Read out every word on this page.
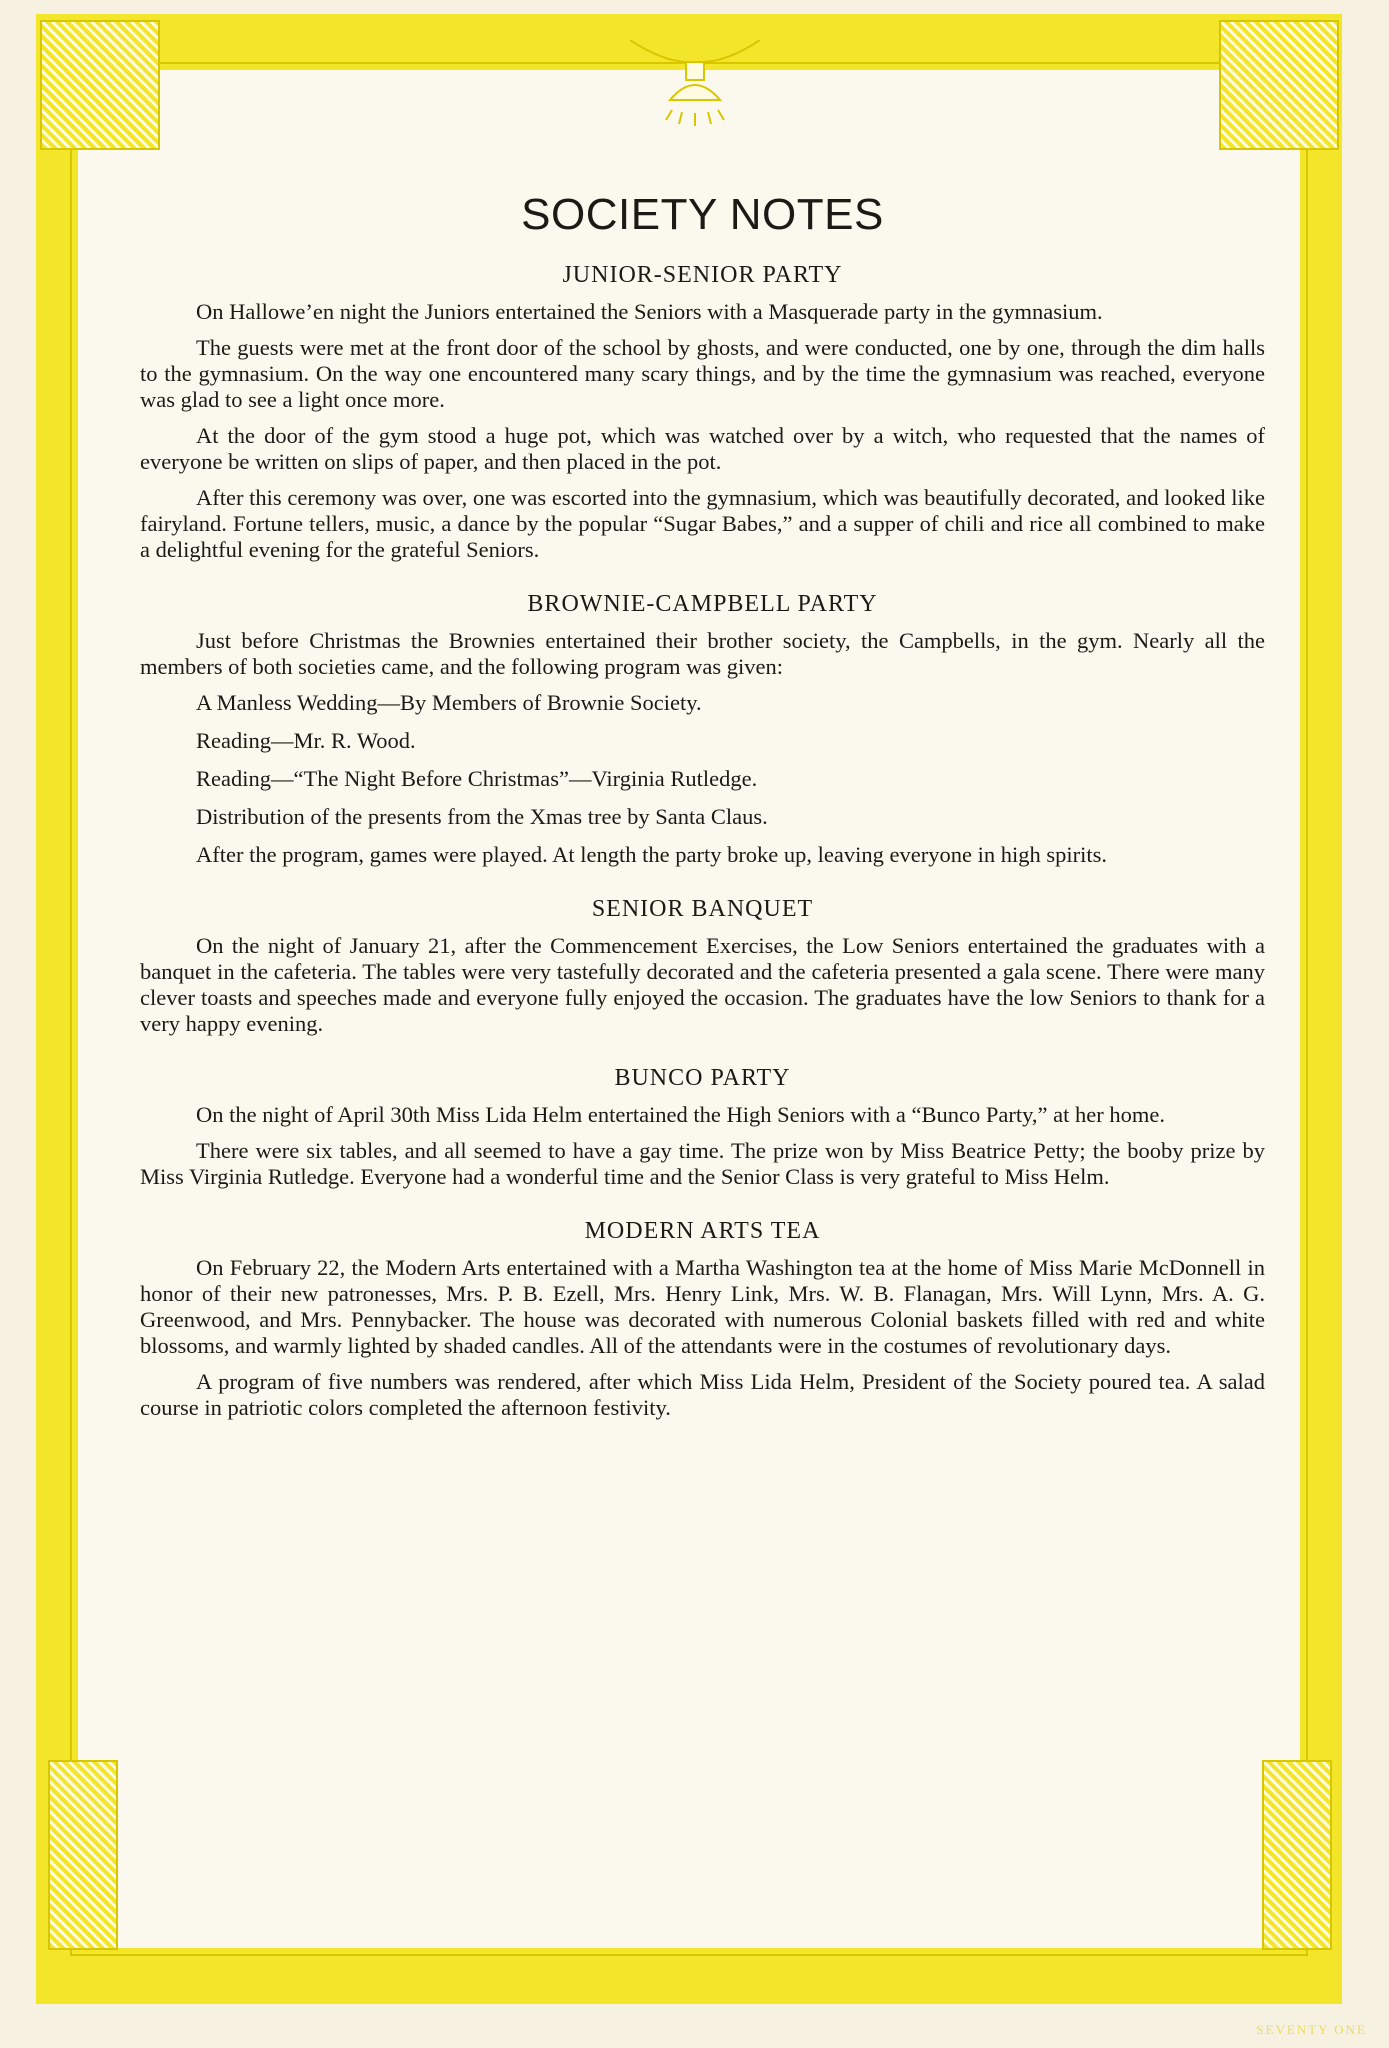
SOCIETY NOTES
JUNIOR-SENIOR PARTY

On Hallowe’en night the Juniors entertained the Seniors with a Masquerade party in the gymnasium.

The guests were met at the front door of the school by ghosts, and were conducted, one by one, through the dim halls to the gymnasium. On the way one encountered many scary things, and by the time the gymnasium was reached, everyone was glad to see a light once more.

At the door of the gym stood a huge pot, which was watched over by a witch, who requested that the names of everyone be written on slips of paper, and then placed in the pot.

After this ceremony was over, one was escorted into the gymnasium, which was beautifully decorated, and looked like fairyland. Fortune tellers, music, a dance by the popular “Sugar Babes,” and a supper of chili and rice all combined to make a delightful evening for the grateful Seniors.

BROWNIE-CAMPBELL PARTY

Just before Christmas the Brownies entertained their brother society, the Campbells, in the gym. Nearly all the members of both societies came, and the following program was given:

A Manless Wedding—By Members of Brownie Society.

Reading—Mr. R. Wood.

Reading—“The Night Before Christmas”—Virginia Rutledge.

Distribution of the presents from the Xmas tree by Santa Claus.

After the program, games were played. At length the party broke up, leaving everyone in high spirits.

SENIOR BANQUET

On the night of January 21, after the Commencement Exercises, the Low Seniors entertained the graduates with a banquet in the cafeteria. The tables were very tastefully decorated and the cafeteria presented a gala scene. There were many clever toasts and speeches made and everyone fully enjoyed the occasion. The graduates have the low Seniors to thank for a very happy evening.

BUNCO PARTY

On the night of April 30th Miss Lida Helm entertained the High Seniors with a “Bunco Party,” at her home.

There were six tables, and all seemed to have a gay time. The prize won by Miss Beatrice Petty; the booby prize by Miss Virginia Rutledge. Everyone had a wonderful time and the Senior Class is very grateful to Miss Helm.

MODERN ARTS TEA

On February 22, the Modern Arts entertained with a Martha Washington tea at the home of Miss Marie McDonnell in honor of their new patronesses, Mrs. P. B. Ezell, Mrs. Henry Link, Mrs. W. B. Flanagan, Mrs. Will Lynn, Mrs. A. G. Greenwood, and Mrs. Pennybacker. The house was decorated with numerous Colonial baskets filled with red and white blossoms, and warmly lighted by shaded candles. All of the attendants were in the costumes of revolutionary days.

A program of five numbers was rendered, after which Miss Lida Helm, President of the Society poured tea. A salad course in patriotic colors completed the afternoon festivity.

SEVENTY ONE
